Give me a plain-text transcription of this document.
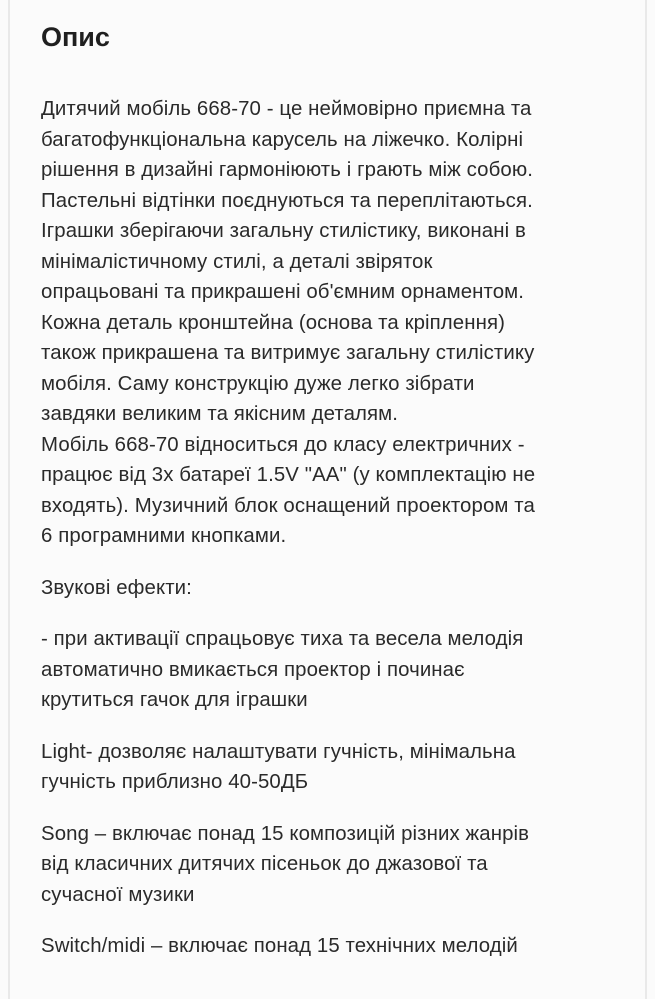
Опис

Дитячий мобіль 668-70 - це неймовірно приємна та
багатофункціональна карусель на ліжечко. Колірні
рішення в дизайні гармоніюють і грають між собою.
Пастельні відтінки поєднуються та переплітаються.
Іграшки зберігаючи загальну стилістику, виконані в
мінімалістичному стилі, а деталі звіряток
опрацьовані та прикрашені об'ємним орнаментом.
Кожна деталь кронштейна (основа та кріплення)
також прикрашена та витримує загальну стилістику
мобіля. Саму конструкцію дуже легко зібрати
завдяки великим та якісним деталям.
Мобіль 668-70 відноситься до класу електричних -
працює від 3х батареї 1.5V "АА" (у комплектацію не
входять). Музичний блок оснащений проектором та
6 програмними кнопками.

Звукові ефекти:

- при активації спрацьовує тиха та весела мелодія
автоматично вмикається проектор і починає
крутиться гачок для іграшки

Light- дозволяє налаштувати гучність, мінімальна
гучність приблизно 40-50ДБ

Song – включає понад 15 композицій різних жанрів
від класичних дитячих пісеньок до джазової та
сучасної музики

Switch/midi – включає понад 15 технічних мелодій
